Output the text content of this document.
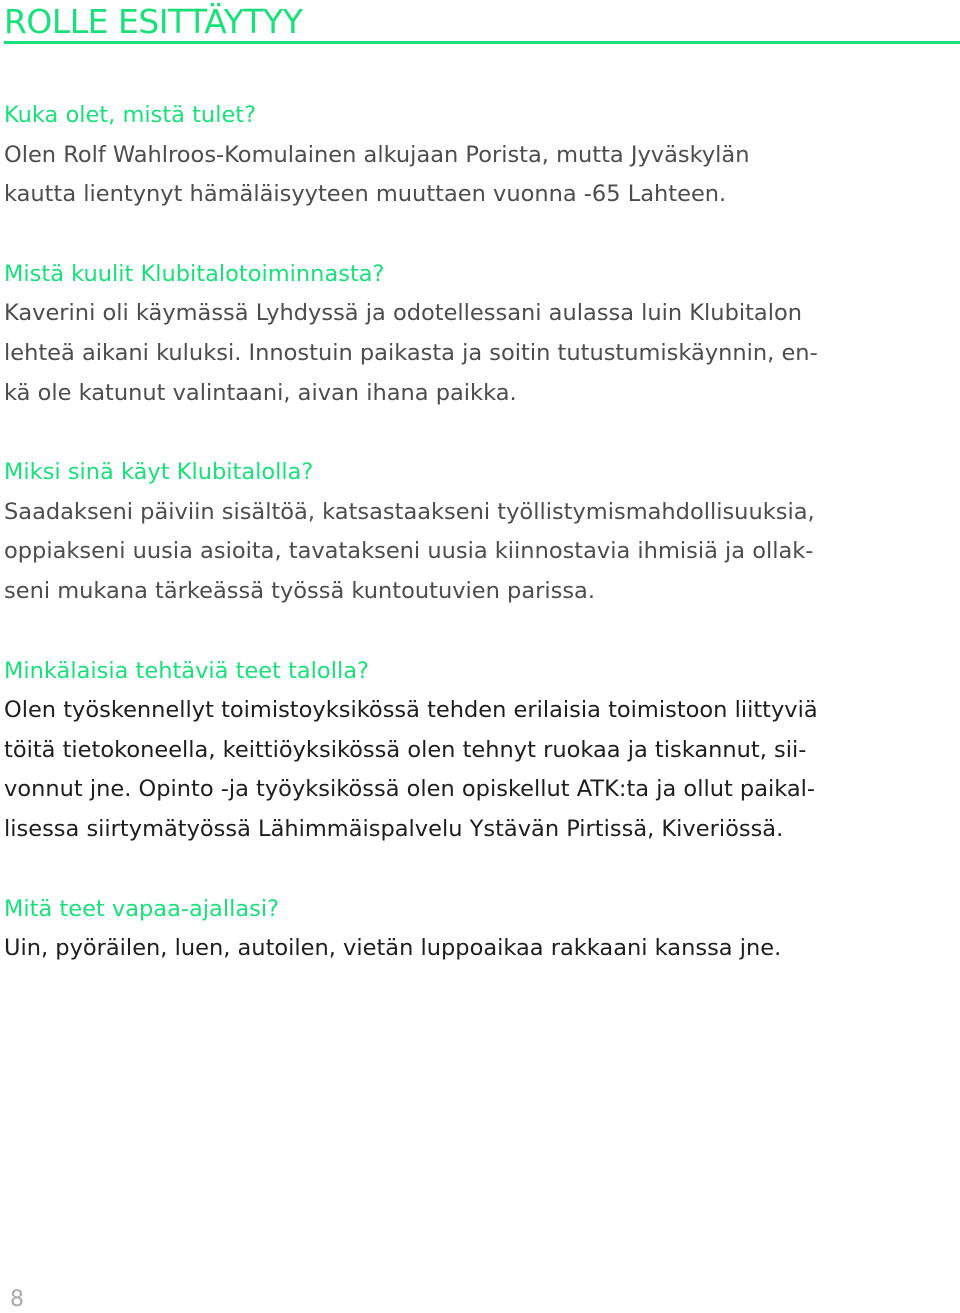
ROLLE ESITTÄYTYY
Kuka olet, mistä tulet?
Olen Rolf Wahlroos-Komulainen alkujaan Porista, mutta Jyväskylän
kautta lientynyt hämäläisyyteen muuttaen vuonna -65 Lahteen.
Mistä kuulit Klubitalotoiminnasta?
Kaverini oli käymässä Lyhdyssä ja odotellessani aulassa luin Klubitalon
lehteä aikani kuluksi. Innostuin paikasta ja soitin tutustumiskäynnin, en-
kä ole katunut valintaani, aivan ihana paikka.
Miksi sinä käyt Klubitalolla?
Saadakseni päiviin sisältöä, katsastaakseni työllistymismahdollisuuksia,
oppiakseni uusia asioita, tavatakseni uusia kiinnostavia ihmisiä ja ollak-
seni mukana tärkeässä työssä kuntoutuvien parissa.
Minkälaisia tehtäviä teet talolla?
Olen työskennellyt toimistoyksikössä tehden erilaisia toimistoon liittyviä
töitä tietokoneella, keittiöyksikössä olen tehnyt ruokaa ja tiskannut, sii-
vonnut jne. Opinto -ja työyksikössä olen opiskellut ATK:ta ja ollut paikal-
lisessa siirtymätyössä Lähimmäispalvelu Ystävän Pirtissä, Kiveriössä.
Mitä teet vapaa-ajallasi?
Uin, pyöräilen, luen, autoilen, vietän luppoaikaa rakkaani kanssa jne.
8
